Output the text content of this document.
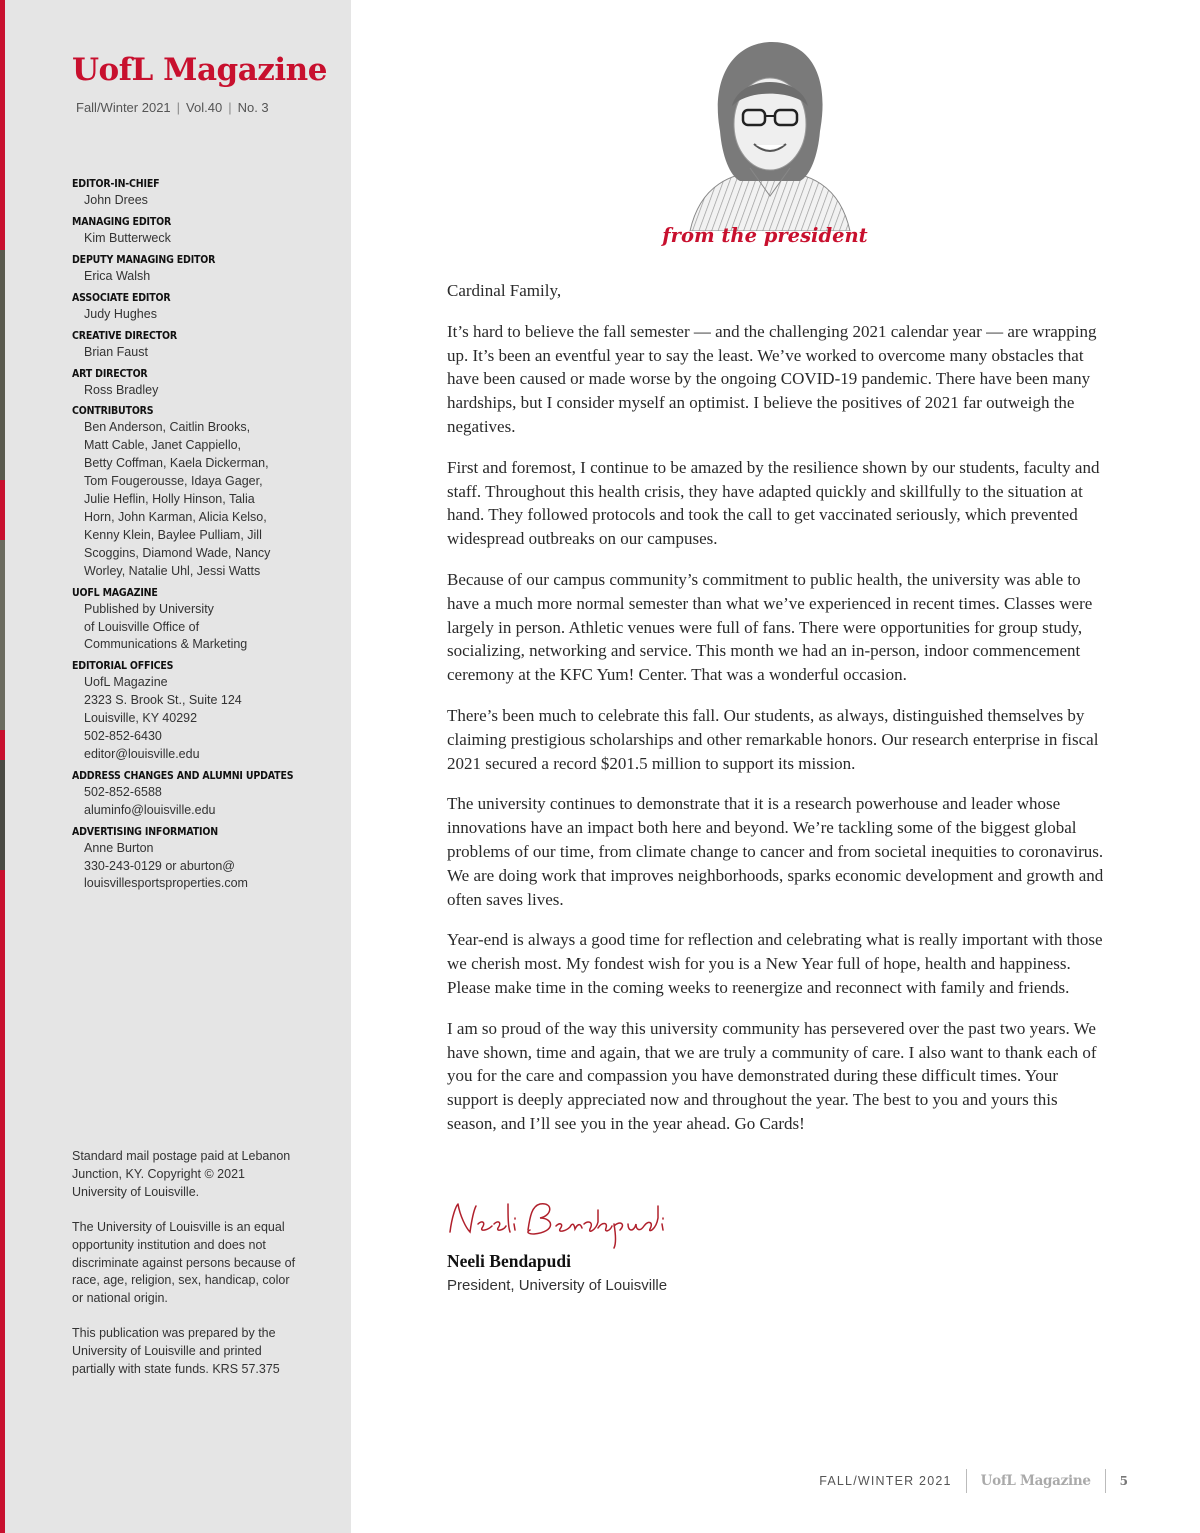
UofL Magazine
Fall/Winter 2021 | Vol.40 | No. 3
EDITOR-IN-CHIEF
John Drees
MANAGING EDITOR
Kim Butterweck
DEPUTY MANAGING EDITOR
Erica Walsh
ASSOCIATE EDITOR
Judy Hughes
CREATIVE DIRECTOR
Brian Faust
ART DIRECTOR
Ross Bradley
CONTRIBUTORS
Ben Anderson, Caitlin Brooks,
Matt Cable, Janet Cappiello,
Betty Coffman, Kaela Dickerman,
Tom Fougerousse, Idaya Gager,
Julie Heflin, Holly Hinson, Talia
Horn, John Karman, Alicia Kelso,
Kenny Klein, Baylee Pulliam, Jill
Scoggins, Diamond Wade, Nancy
Worley, Natalie Uhl, Jessi Watts
UOFL MAGAZINE
Published by University
of Louisville Office of
Communications & Marketing
EDITORIAL OFFICES
UofL Magazine
2323 S. Brook St., Suite 124
Louisville, KY 40292
502-852-6430
editor@louisville.edu
ADDRESS CHANGES AND ALUMNI UPDATES
502-852-6588
aluminfo@louisville.edu
ADVERTISING INFORMATION
Anne Burton
330-243-0129 or aburton@
louisvillesportsproperties.com

Standard mail postage paid at Lebanon Junction, KY. Copyright © 2021 University of Louisville.

The University of Louisville is an equal opportunity institution and does not discriminate against persons because of race, age, religion, sex, handicap, color or national origin.

This publication was prepared by the University of Louisville and printed partially with state funds. KRS 57.375

from the president

Cardinal Family,

It’s hard to believe the fall semester — and the challenging 2021 calendar year — are wrapping up. It’s been an eventful year to say the least. We’ve worked to overcome many obstacles that have been caused or made worse by the ongoing COVID-19 pandemic. There have been many hardships, but I consider myself an optimist. I believe the positives of 2021 far outweigh the negatives.

First and foremost, I continue to be amazed by the resilience shown by our students, faculty and staff. Throughout this health crisis, they have adapted quickly and skillfully to the situation at hand. They followed protocols and took the call to get vaccinated seriously, which prevented widespread outbreaks on our campuses.

Because of our campus community’s commitment to public health, the university was able to have a much more normal semester than what we’ve experienced in recent times. Classes were largely in person. Athletic venues were full of fans. There were opportunities for group study, socializing, networking and service. This month we had an in-person, indoor commencement ceremony at the KFC Yum! Center. That was a wonderful occasion.

There’s been much to celebrate this fall. Our students, as always, distinguished themselves by claiming prestigious scholarships and other remarkable honors. Our research enterprise in fiscal 2021 secured a record $201.5 million to support its mission.

The university continues to demonstrate that it is a research powerhouse and leader whose innovations have an impact both here and beyond. We’re tackling some of the biggest global problems of our time, from climate change to cancer and from societal inequities to coronavirus. We are doing work that improves neighborhoods, sparks economic development and growth and often saves lives.

Year-end is always a good time for reflection and celebrating what is really important with those we cherish most. My fondest wish for you is a New Year full of hope, health and happiness. Please make time in the coming weeks to reenergize and reconnect with family and friends.

I am so proud of the way this university community has persevered over the past two years. We have shown, time and again, that we are truly a community of care. I also want to thank each of you for the care and compassion you have demonstrated during these difficult times. Your support is deeply appreciated now and throughout the year. The best to you and yours this season, and I’ll see you in the year ahead. Go Cards!

Neeli Bendapudi
President, University of Louisville
FALL/WINTER 2021 UofL Magazine 5
